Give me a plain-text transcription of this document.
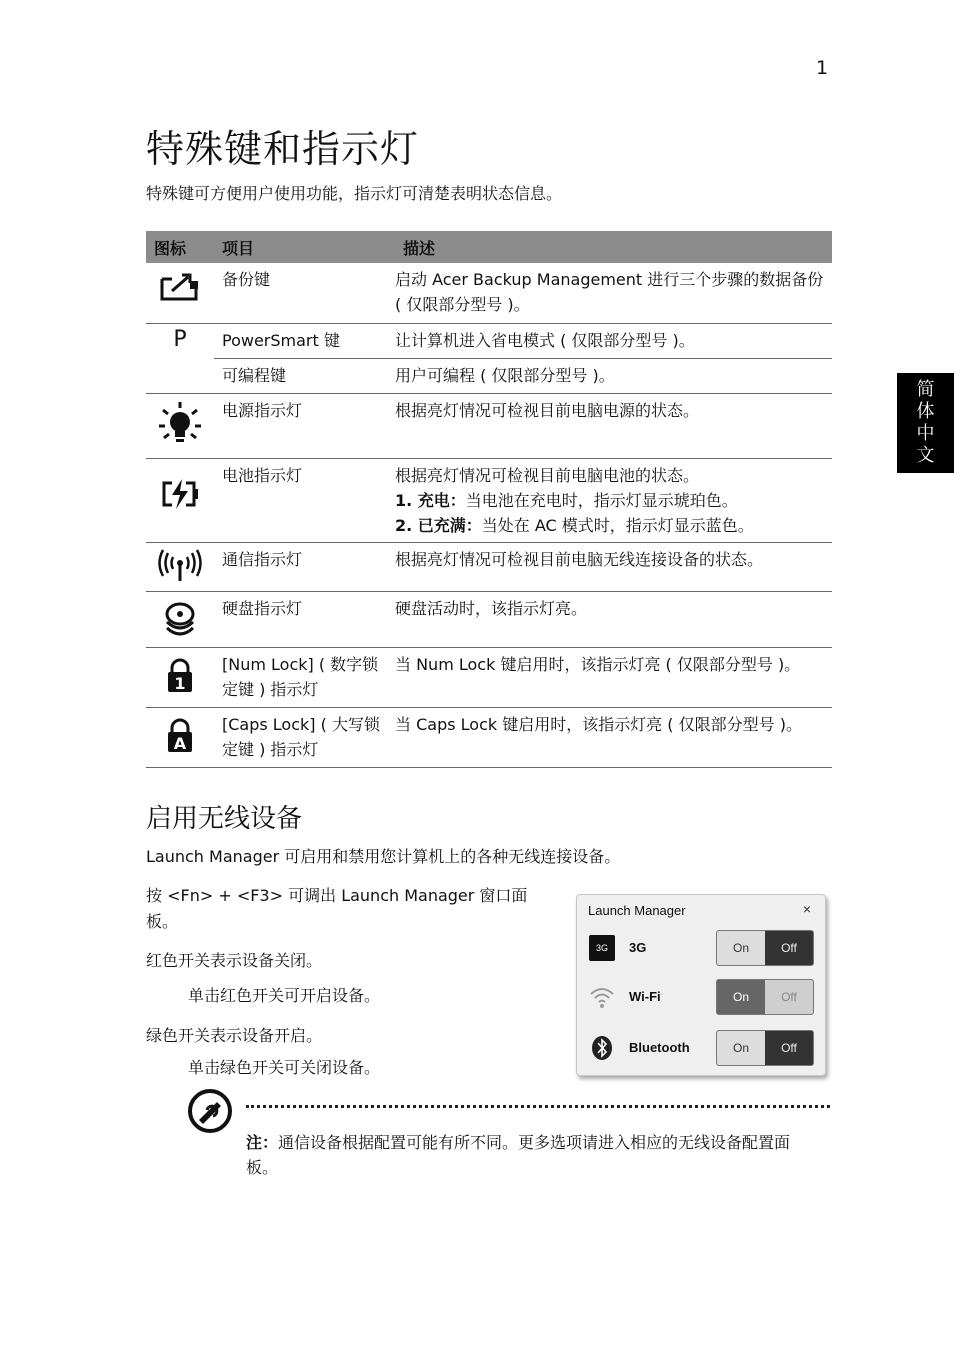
1
特殊键和指示灯
特殊键可方便用户使用功能，指示灯可清楚表明状态信息。
简
体
中
文
图标	项目	描述
	备份键	启动 Acer Backup Management 进行三个步骤的数据备份 ( 仅限部分型号 )。
P	PowerSmart 键	让计算机进入省电模式 ( 仅限部分型号 )。
	可编程键	用户可编程 ( 仅限部分型号 )。
	电源指示灯	根据亮灯情况可检视目前电脑电源的状态。
	电池指示灯	根据亮灯情况可检视目前电脑电池的状态。
1. 充电：当电池在充电时，指示灯显示琥珀色。
2. 已充满：当处在 AC 模式时，指示灯显示蓝色。

	通信指示灯	根据亮灯情况可检视目前电脑无线连接设备的状态。
	硬盘指示灯	硬盘活动时，该指示灯亮。

1	[Num Lock] ( 数字锁定键 ) 指示灯	当 Num Lock 键启用时，该指示灯亮 ( 仅限部分型号 )。

A	[Caps Lock] ( 大写锁定键 ) 指示灯	当 Caps Lock 键启用时，该指示灯亮 ( 仅限部分型号 )。
启用无线设备
Launch Manager 可启用和禁用您计算机上的各种无线连接设备。
按 <Fn> + <F3> 可调出 Launch Manager 窗口面板。
红色开关表示设备关闭。
单击红色开关可开启设备。
绿色开关表示设备开启。
单击绿色开关可关闭设备。
Launch Manager	×
3G 3G	On	Off
Wi-Fi	On	Off
Bluetooth	On	Off
注：通信设备根据配置可能有所不同。更多选项请进入相应的无线设备配置面板。
